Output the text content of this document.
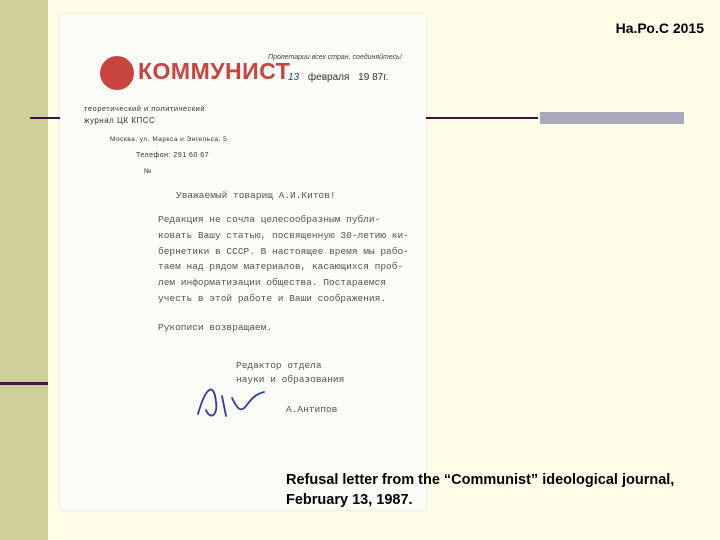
На.Ро.С 2015
КОММУНИСТ
теоретический и политический
журнал ЦК КПСС
Москва, ул. Маркса и Энгельса, 5
Телефон: 291 60 67
№
Пролетарии всех стран, соединяйтесь!
13 февраля 19 87г.
Уважаемый товарищ А.И.Китов!
Редакция не сочла целесообразным публи-
ковать Вашу статью, посвященную 30-летию ки-
бернетики в СССР. В настоящее время мы рабо-
таем над рядом материалов, касающихся проб-
лем информатизации общества. Постараемся
учесть в этой работе и Ваши соображения.
Рукописи возвращаем.
Редактор отдела
науки и образования
А.Антипов
Refusal letter from the “Communist” ideological journal, February 13, 1987.
